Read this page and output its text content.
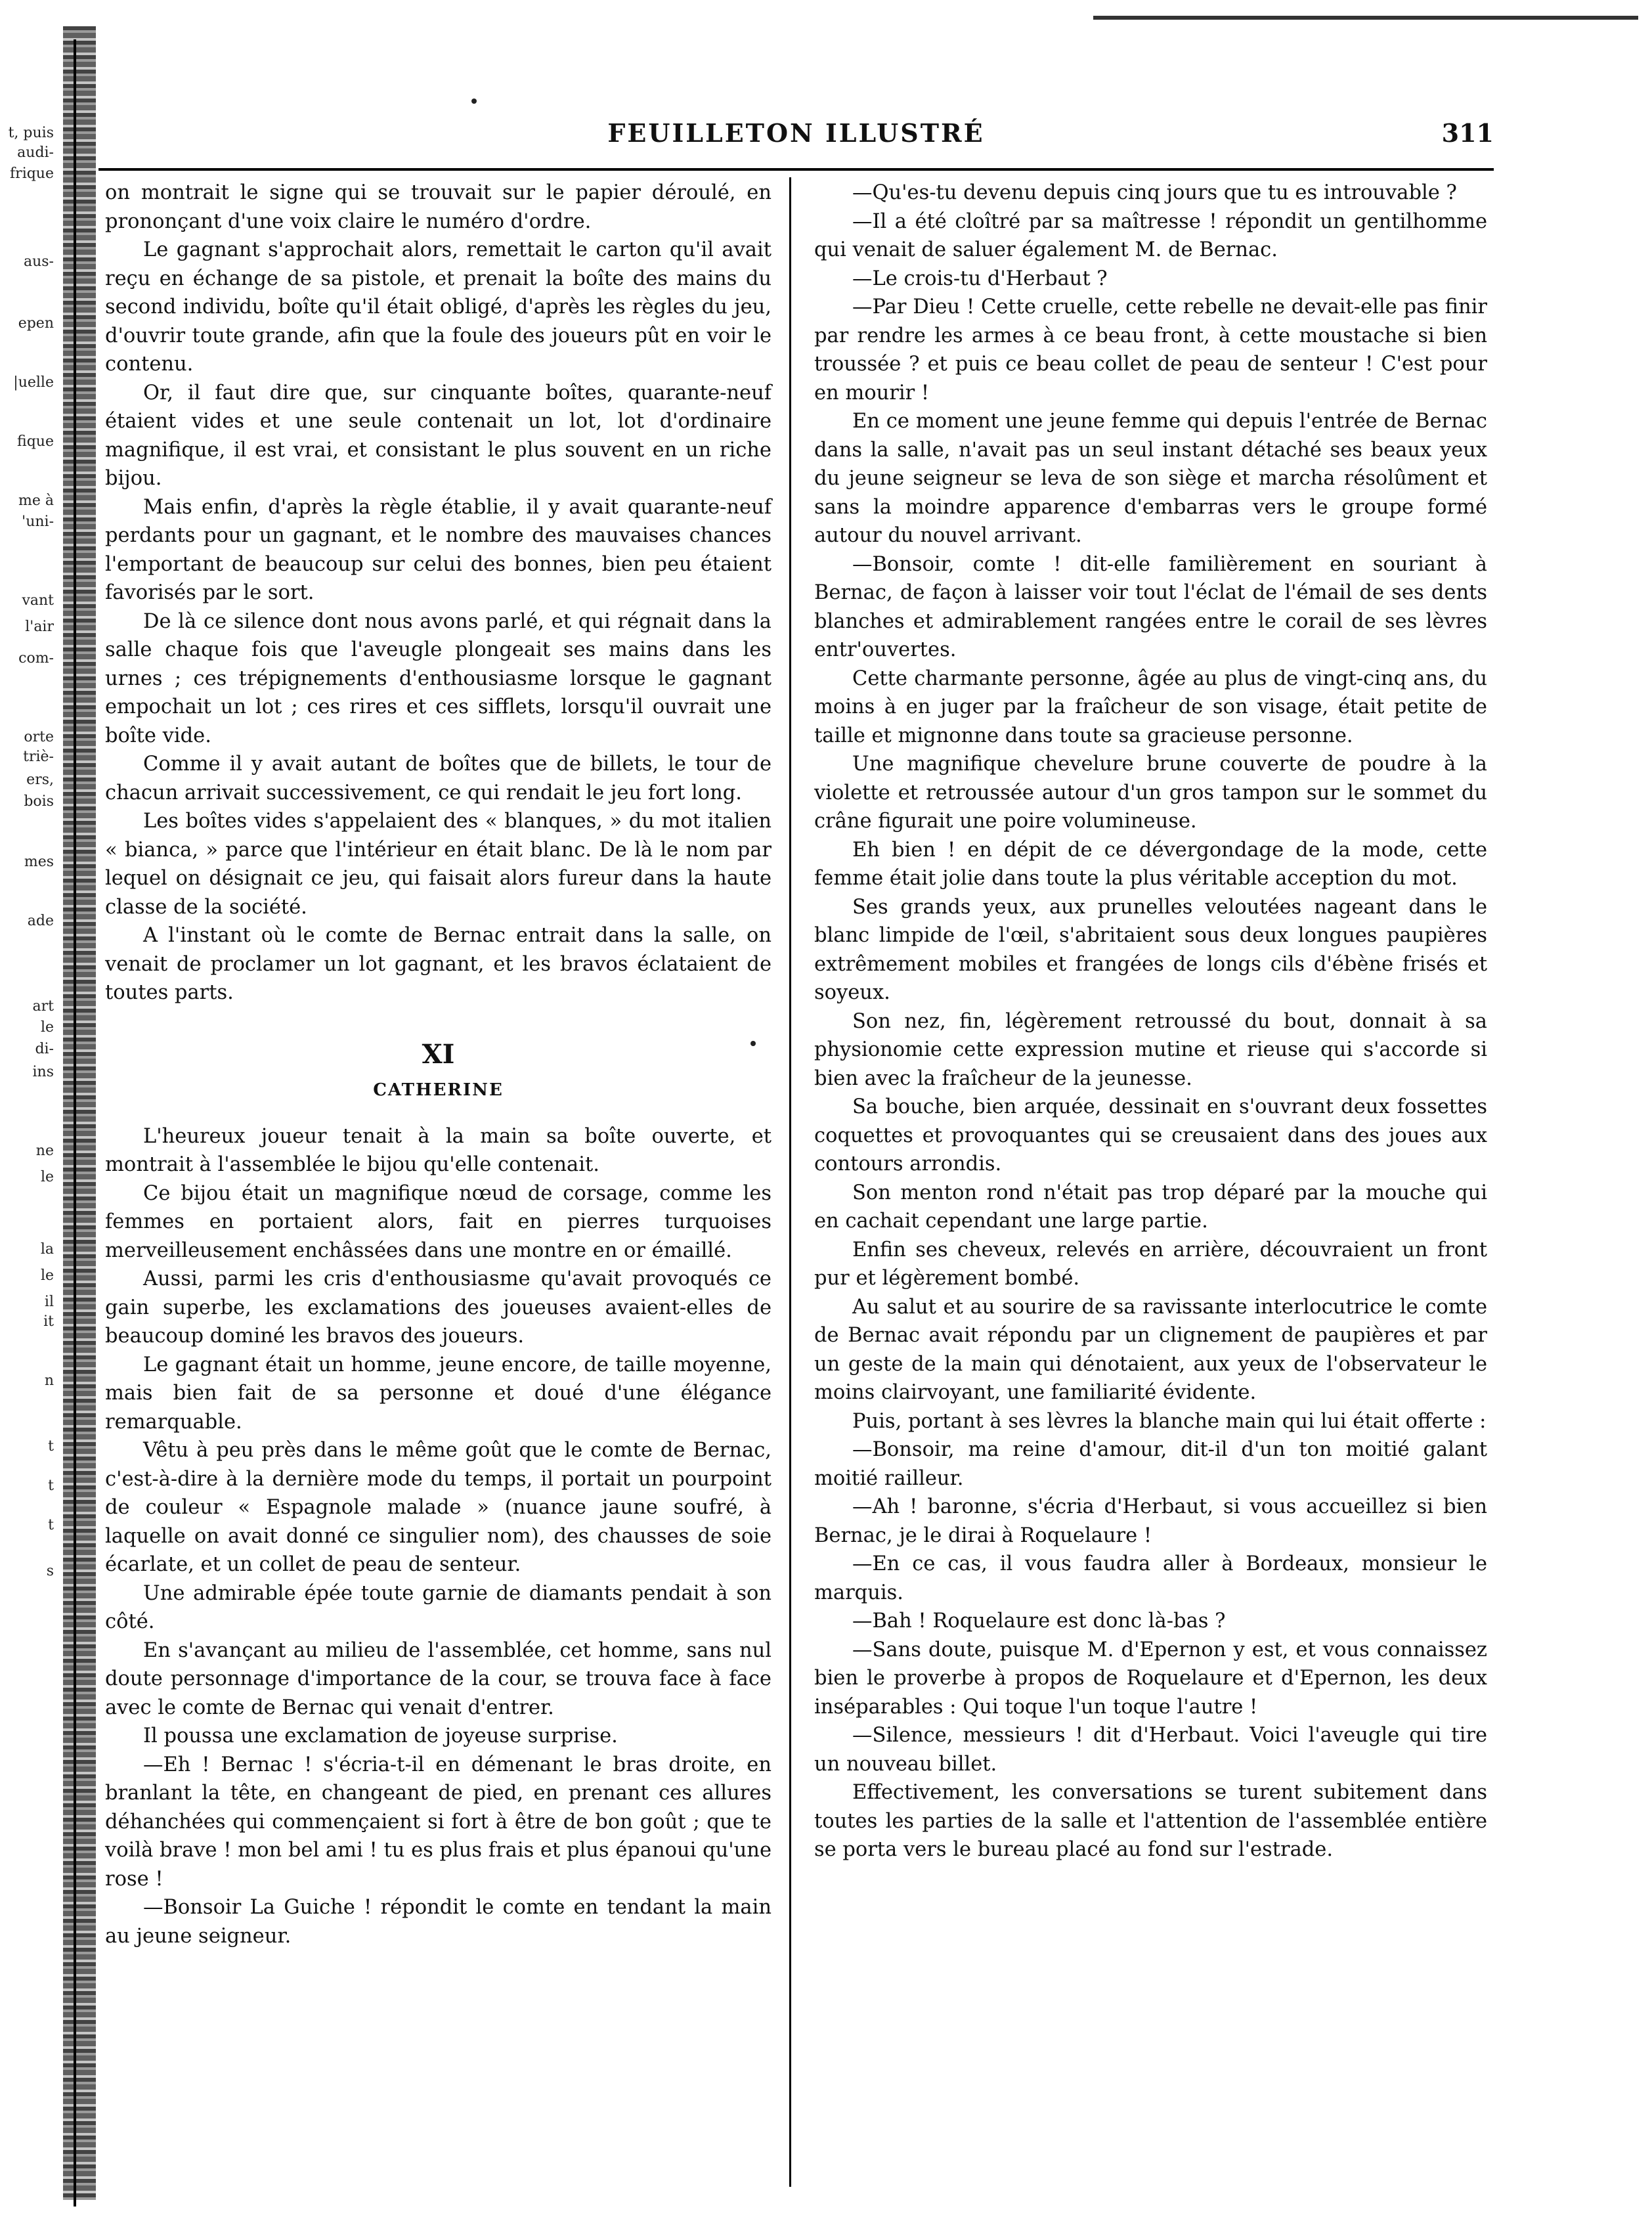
t, puis
audi-
frique
aus-
epen
|uelle
fique
me à
'uni-
vant
l'air
com-
orte
triè-
ers,
bois
mes
ade
art
le
di-
ins
ne
le
la
le
il
it
n
t
t
t
s
FEUILLETON ILLUSTRÉ	311

on montrait le signe qui se trouvait sur le papier déroulé, en prononçant d'une voix claire le numéro d'ordre.

Le gagnant s'approchait alors, remettait le carton qu'il avait reçu en échange de sa pistole, et prenait la boîte des mains du second individu, boîte qu'il était obligé, d'après les règles du jeu, d'ouvrir toute grande, afin que la foule des joueurs pût en voir le contenu.

Or, il faut dire que, sur cinquante boîtes, quarante-neuf étaient vides et une seule contenait un lot, lot d'ordinaire magnifique, il est vrai, et consistant le plus souvent en un riche bijou.

Mais enfin, d'après la règle établie, il y avait quarante-neuf perdants pour un gagnant, et le nombre des mauvaises chances l'emportant de beaucoup sur celui des bonnes, bien peu étaient favorisés par le sort.

De là ce silence dont nous avons parlé, et qui régnait dans la salle chaque fois que l'aveugle plongeait ses mains dans les urnes ; ces trépignements d'enthousiasme lorsque le gagnant empochait un lot ; ces rires et ces sifflets, lorsqu'il ouvrait une boîte vide.

Comme il y avait autant de boîtes que de billets, le tour de chacun arrivait successivement, ce qui rendait le jeu fort long.

Les boîtes vides s'appelaient des « blanques, » du mot italien « bianca, » parce que l'intérieur en était blanc. De là le nom par lequel on désignait ce jeu, qui faisait alors fureur dans la haute classe de la société.

A l'instant où le comte de Bernac entrait dans la salle, on venait de proclamer un lot gagnant, et les bravos éclataient de toutes parts.

XI
CATHERINE

L'heureux joueur tenait à la main sa boîte ouverte, et montrait à l'assemblée le bijou qu'elle contenait.

Ce bijou était un magnifique nœud de corsage, comme les femmes en portaient alors, fait en pierres turquoises merveilleusement enchâssées dans une montre en or émaillé.

Aussi, parmi les cris d'enthousiasme qu'avait provoqués ce gain superbe, les exclamations des joueuses avaient-elles de beaucoup dominé les bravos des joueurs.

Le gagnant était un homme, jeune encore, de taille moyenne, mais bien fait de sa personne et doué d'une élégance remarquable.

Vêtu à peu près dans le même goût que le comte de Bernac, c'est-à-dire à la dernière mode du temps, il portait un pourpoint de couleur « Espagnole malade » (nuance jaune soufré, à laquelle on avait donné ce singulier nom), des chausses de soie écarlate, et un collet de peau de senteur.

Une admirable épée toute garnie de diamants pendait à son côté.

En s'avançant au milieu de l'assemblée, cet homme, sans nul doute personnage d'importance de la cour, se trouva face à face avec le comte de Bernac qui venait d'entrer.

Il poussa une exclamation de joyeuse surprise.

—Eh ! Bernac ! s'écria-t-il en démenant le bras droite, en branlant la tête, en changeant de pied, en prenant ces allures déhanchées qui commençaient si fort à être de bon goût ; que te voilà brave ! mon bel ami ! tu es plus frais et plus épanoui qu'une rose !

—Bonsoir La Guiche ! répondit le comte en tendant la main au jeune seigneur.

—Qu'es-tu devenu depuis cinq jours que tu es introuvable ?

—Il a été cloîtré par sa maîtresse ! répondit un gentilhomme qui venait de saluer également M. de Bernac.

—Le crois-tu d'Herbaut ?

—Par Dieu ! Cette cruelle, cette rebelle ne devait-elle pas finir par rendre les armes à ce beau front, à cette moustache si bien troussée ? et puis ce beau collet de peau de senteur ! C'est pour en mourir !

En ce moment une jeune femme qui depuis l'entrée de Bernac dans la salle, n'avait pas un seul instant détaché ses beaux yeux du jeune seigneur se leva de son siège et marcha résolûment et sans la moindre apparence d'embarras vers le groupe formé autour du nouvel arrivant.

—Bonsoir, comte ! dit-elle familièrement en souriant à Bernac, de façon à laisser voir tout l'éclat de l'émail de ses dents blanches et admirablement rangées entre le corail de ses lèvres entr'ouvertes.

Cette charmante personne, âgée au plus de vingt-cinq ans, du moins à en juger par la fraîcheur de son visage, était petite de taille et mignonne dans toute sa gracieuse personne.

Une magnifique chevelure brune couverte de poudre à la violette et retroussée autour d'un gros tampon sur le sommet du crâne figurait une poire volumineuse.

Eh bien ! en dépit de ce dévergondage de la mode, cette femme était jolie dans toute la plus véritable acception du mot.

Ses grands yeux, aux prunelles veloutées nageant dans le blanc limpide de l'œil, s'abritaient sous deux longues paupières extrêmement mobiles et frangées de longs cils d'ébène frisés et soyeux.

Son nez, fin, légèrement retroussé du bout, donnait à sa physionomie cette expression mutine et rieuse qui s'accorde si bien avec la fraîcheur de la jeunesse.

Sa bouche, bien arquée, dessinait en s'ouvrant deux fossettes coquettes et provoquantes qui se creusaient dans des joues aux contours arrondis.

Son menton rond n'était pas trop déparé par la mouche qui en cachait cependant une large partie.

Enfin ses cheveux, relevés en arrière, découvraient un front pur et légèrement bombé.

Au salut et au sourire de sa ravissante interlocutrice le comte de Bernac avait répondu par un clignement de paupières et par un geste de la main qui dénotaient, aux yeux de l'observateur le moins clairvoyant, une familiarité évidente.

Puis, portant à ses lèvres la blanche main qui lui était offerte :

—Bonsoir, ma reine d'amour, dit-il d'un ton moitié galant moitié railleur.

—Ah ! baronne, s'écria d'Herbaut, si vous accueillez si bien Bernac, je le dirai à Roquelaure !

—En ce cas, il vous faudra aller à Bordeaux, monsieur le marquis.

—Bah ! Roquelaure est donc là-bas ?

—Sans doute, puisque M. d'Epernon y est, et vous connaissez bien le proverbe à propos de Roquelaure et d'Epernon, les deux inséparables : Qui toque l'un toque l'autre !

—Silence, messieurs ! dit d'Herbaut. Voici l'aveugle qui tire un nouveau billet.

Effectivement, les conversations se turent subitement dans toutes les parties de la salle et l'attention de l'assemblée entière se porta vers le bureau placé au fond sur l'estrade.
